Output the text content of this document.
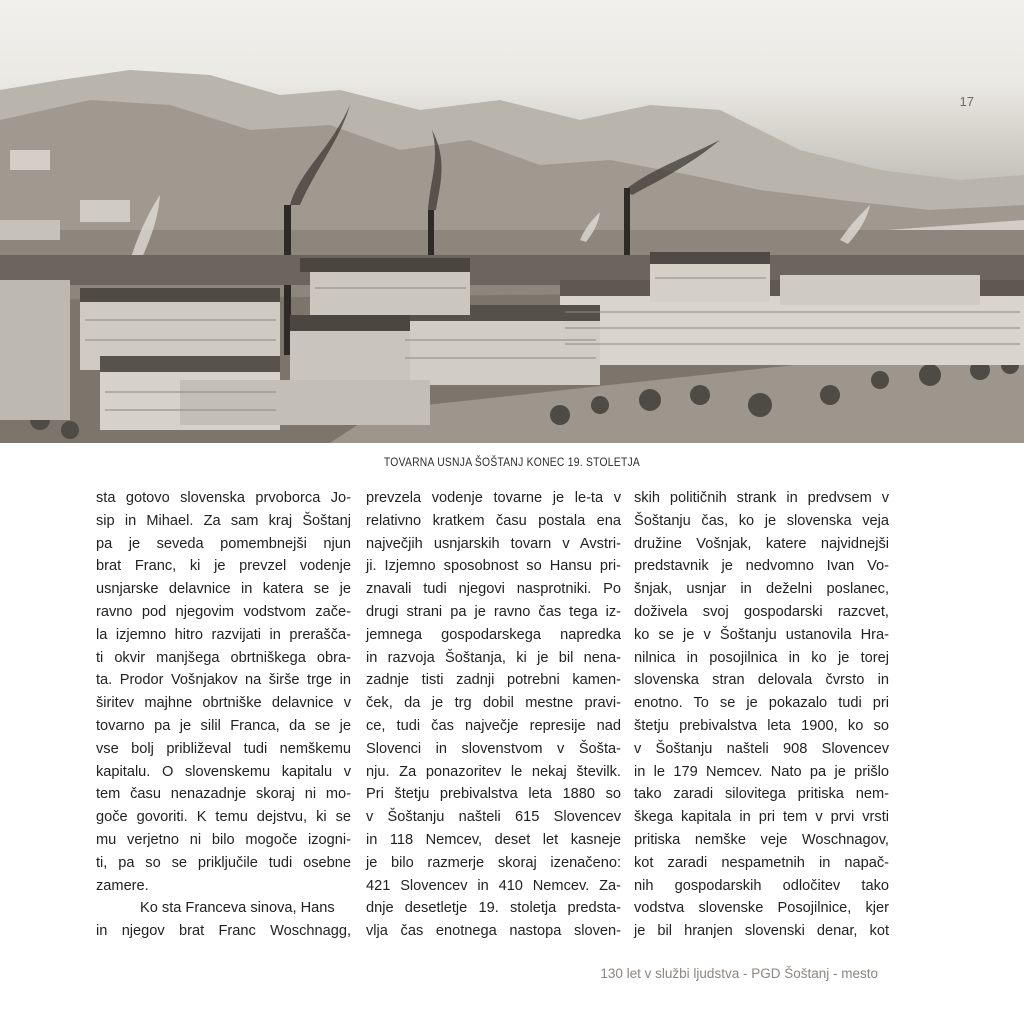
17
TOVARNA USNJA ŠOŠTANJ KONEC 19. STOLETJA
sta gotovo slovenska prvoborca Jo-
sip in Mihael. Za sam kraj Šoštanj
pa je seveda pomembnejši njun
brat Franc, ki je prevzel vodenje
usnjarske delavnice in katera se je
ravno pod njegovim vodstvom zače-
la izjemno hitro razvijati in prerašča-
ti okvir manjšega obrtniškega obra-
ta. Prodor Vošnjakov na širše trge in
širitev majhne obrtniške delavnice v
tovarno pa je silil Franca, da se je
vse bolj približeval tudi nemškemu
kapitalu. O slovenskemu kapitalu v
tem času nenazadnje skoraj ni mo-
goče govoriti. K temu dejstvu, ki se
mu verjetno ni bilo mogoče izogni-
ti, pa so se priključile tudi osebne
zamere.
Ko sta Franceva sinova, Hans
in njegov brat Franc Woschnagg,
prevzela vodenje tovarne je le-ta v
relativno kratkem času postala ena
največjih usnjarskih tovarn v Avstri-
ji. Izjemno sposobnost so Hansu pri-
znavali tudi njegovi nasprotniki. Po
drugi strani pa je ravno čas tega iz-
jemnega gospodarskega napredka
in razvoja Šoštanja, ki je bil nena-
zadnje tisti zadnji potrebni kamen-
ček, da je trg dobil mestne pravi-
ce, tudi čas največje represije nad
Slovenci in slovenstvom v Šošta-
nju. Za ponazoritev le nekaj številk.
Pri štetju prebivalstva leta 1880 so
v Šoštanju našteli 615 Slovencev
in 118 Nemcev, deset let kasneje
je bilo razmerje skoraj izenačeno:
421 Slovencev in 410 Nemcev. Za-
dnje desetletje 19. stoletja predsta-
vlja čas enotnega nastopa sloven-
skih političnih strank in predvsem v
Šoštanju čas, ko je slovenska veja
družine Vošnjak, katere najvidnejši
predstavnik je nedvomno Ivan Vo-
šnjak, usnjar in deželni poslanec,
doživela svoj gospodarski razcvet,
ko se je v Šoštanju ustanovila Hra-
nilnica in posojilnica in ko je torej
slovenska stran delovala čvrsto in
enotno. To se je pokazalo tudi pri
štetju prebivalstva leta 1900, ko so
v Šoštanju našteli 908 Slovencev
in le 179 Nemcev. Nato pa je prišlo
tako zaradi silovitega pritiska nem-
škega kapitala in pri tem v prvi vrsti
pritiska nemške veje Woschnagov,
kot zaradi nespametnih in napač-
nih gospodarskih odločitev tako
vodstva slovenske Posojilnice, kjer
je bil hranjen slovenski denar, kot
130 let v službi ljudstva - PGD Šoštanj - mesto
